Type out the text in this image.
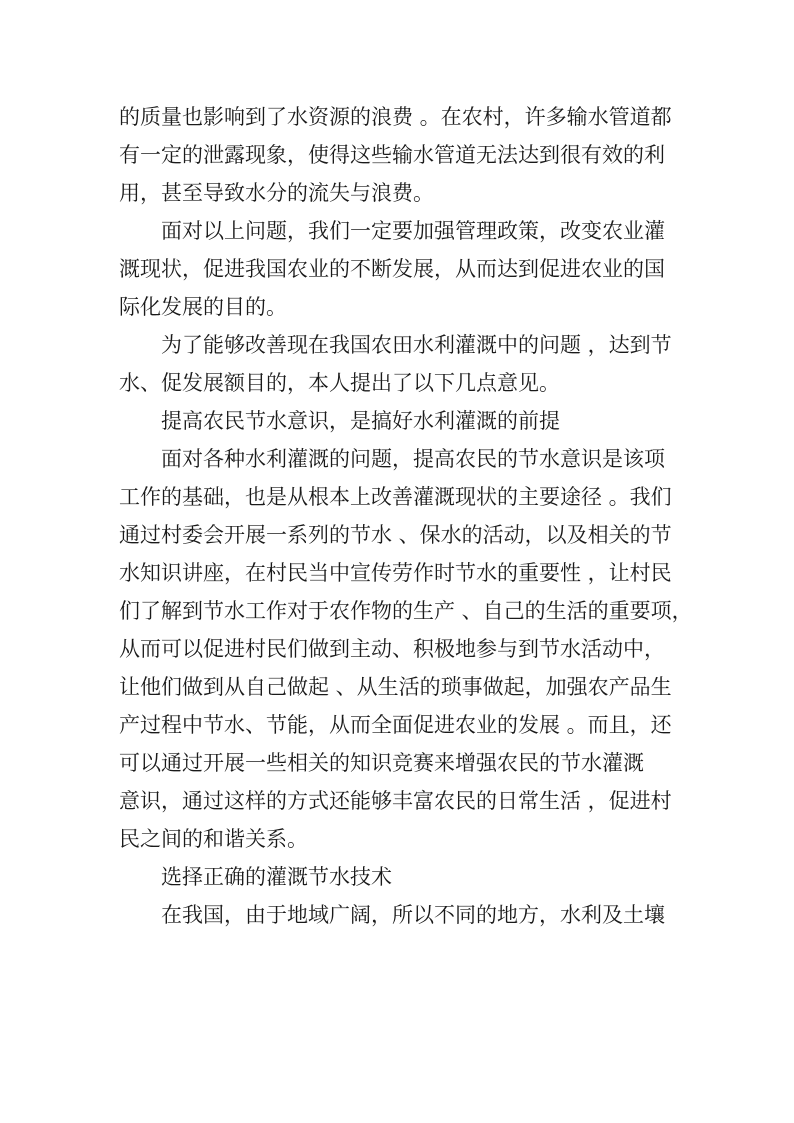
的质量也影响到了水资源的浪费 。在农村，许多输水管道都
有一定的泄露现象，使得这些输水管道无法达到很有效的利
用，甚至导致水分的流失与浪费。

面对以上问题，我们一定要加强管理政策，改变农业灌
溉现状，促进我国农业的不断发展，从而达到促进农业的国
际化发展的目的。

为了能够改善现在我国农田水利灌溉中的问题 ，达到节
水、促发展额目的，本人提出了以下几点意见。

提高农民节水意识，是搞好水利灌溉的前提

面对各种水利灌溉的问题，提高农民的节水意识是该项
工作的基础，也是从根本上改善灌溉现状的主要途径 。我们
通过村委会开展一系列的节水 、保水的活动，以及相关的节
水知识讲座，在村民当中宣传劳作时节水的重要性 ，让村民
们了解到节水工作对于农作物的生产 、自己的生活的重要项，
从而可以促进村民们做到主动、积极地参与到节水活动中，
让他们做到从自己做起 、从生活的琐事做起，加强农产品生
产过程中节水、节能，从而全面促进农业的发展 。而且，还
可以通过开展一些相关的知识竞赛来增强农民的节水灌溉
意识，通过这样的方式还能够丰富农民的日常生活 ，促进村
民之间的和谐关系。

选择正确的灌溉节水技术

在我国，由于地域广阔，所以不同的地方，水利及土壤
